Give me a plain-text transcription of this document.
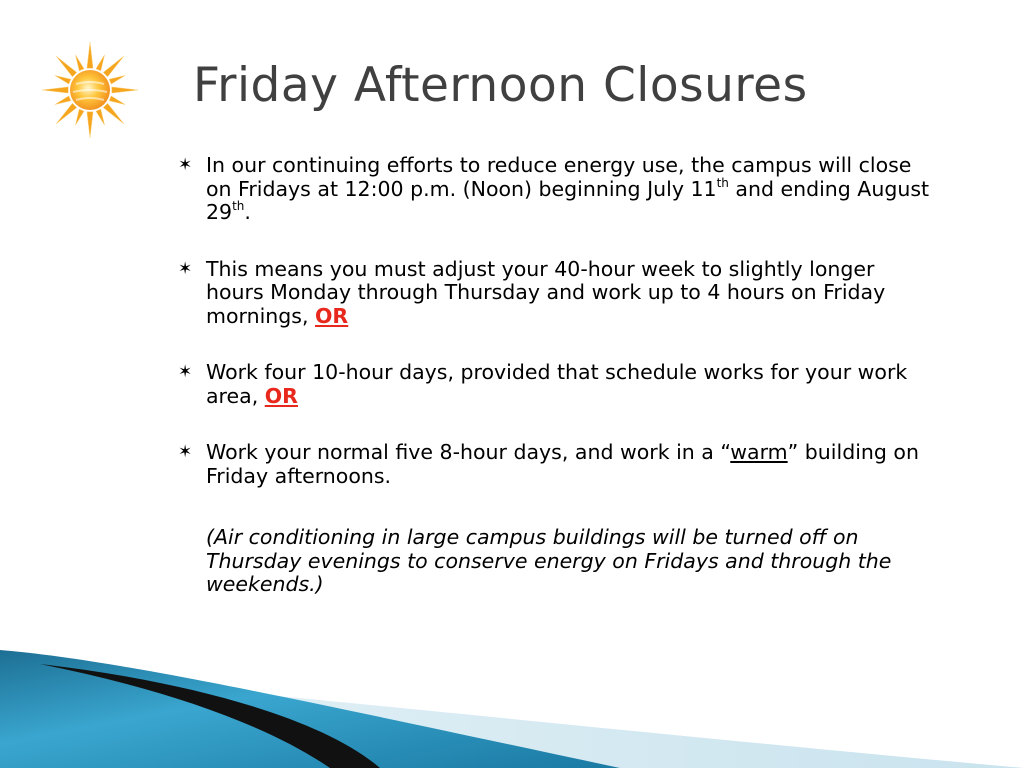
Friday Afternoon Closures
✶ In our continuing efforts to reduce energy use, the campus will close on Fridays at 12:00 p.m. (Noon) beginning July 11th and ending August 29th.
✶ This means you must adjust your 40-hour week to slightly longer hours Monday through Thursday and work up to 4 hours on Friday mornings, OR
✶ Work four 10-hour days, provided that schedule works for your work area, OR
✶ Work your normal five 8-hour days, and work in a “warm” building on Friday afternoons.
(Air conditioning in large campus buildings will be turned off on Thursday evenings to conserve energy on Fridays and through the weekends.)
